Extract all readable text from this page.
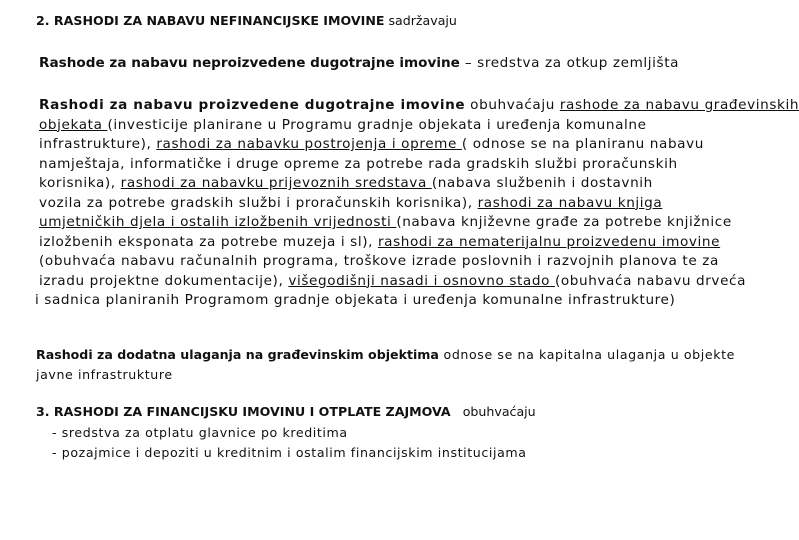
2. RASHODI ZA NABAVU NEFINANCIJSKE IMOVINE sadržavaju
Rashode za nabavu neproizvedene dugotrajne imovine – sredstva za otkup zemljišta

Rashodi za nabavu proizvedene dugotrajne imovine obuhvaćaju rashode za nabavu građevinskih

objekata (investicije planirane u Programu gradnje objekata i uređenja komunalne

infrastrukture), rashodi za nabavku postrojenja i opreme ( odnose se na planiranu nabavu

namještaja, informatičke i druge opreme za potrebe rada gradskih službi proračunskih

korisnika), rashodi za nabavku prijevoznih sredstava (nabava službenih i dostavnih

vozila za potrebe gradskih službi i proračunskih korisnika), rashodi za nabavu knjiga

umjetničkih djela i ostalih izložbenih vrijednosti (nabava književne građe za potrebe knjižnice

izložbenih eksponata za potrebe muzeja i sl), rashodi za nematerijalnu proizvedenu imovine

(obuhvaća nabavu računalnih programa, troškove izrade poslovnih i razvojnih planova te za

izradu projektne dokumentacije), višegodišnji nasadi i osnovno stado (obuhvaća nabavu drveća

i sadnica planiranih Programom gradnje objekata i uređenja komunalne infrastrukture)

Rashodi za dodatna ulaganja na građevinskim objektima odnose se na kapitalna ulaganja u objekte

javne infrastrukture

3. RASHODI ZA FINANCIJSKU IMOVINU I OTPLATE ZAJMOVA obuhvaćaju

- sredstva za otplatu glavnice po kreditima

- pozajmice i depoziti u kreditnim i ostalim financijskim institucijama
